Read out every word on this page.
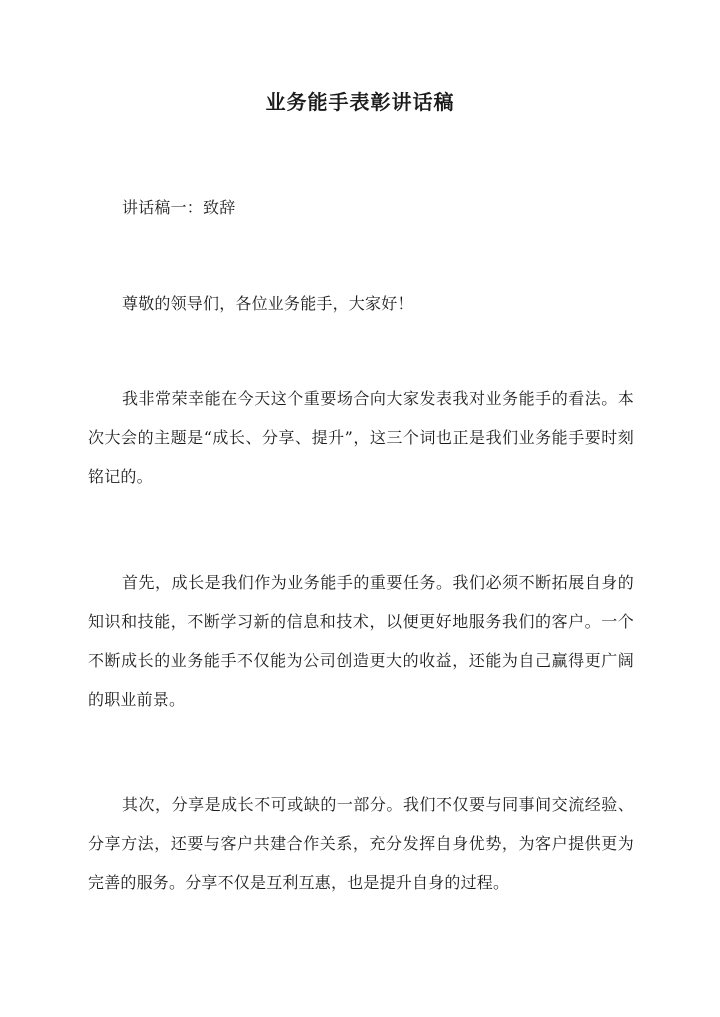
业务能手表彰讲话稿
讲话稿一：致辞
尊敬的领导们，各位业务能手，大家好！
我非常荣幸能在今天这个重要场合向大家发表我对业务能手的看法。本次大会的主题是“成长、分享、提升”，这三个词也正是我们业务能手要时刻铭记的。
首先，成长是我们作为业务能手的重要任务。我们必须不断拓展自身的知识和技能，不断学习新的信息和技术，以便更好地服务我们的客户。一个不断成长的业务能手不仅能为公司创造更大的收益，还能为自己赢得更广阔的职业前景。
其次，分享是成长不可或缺的一部分。我们不仅要与同事间交流经验、分享方法，还要与客户共建合作关系，充分发挥自身优势，为客户提供更为完善的服务。分享不仅是互利互惠，也是提升自身的过程。
